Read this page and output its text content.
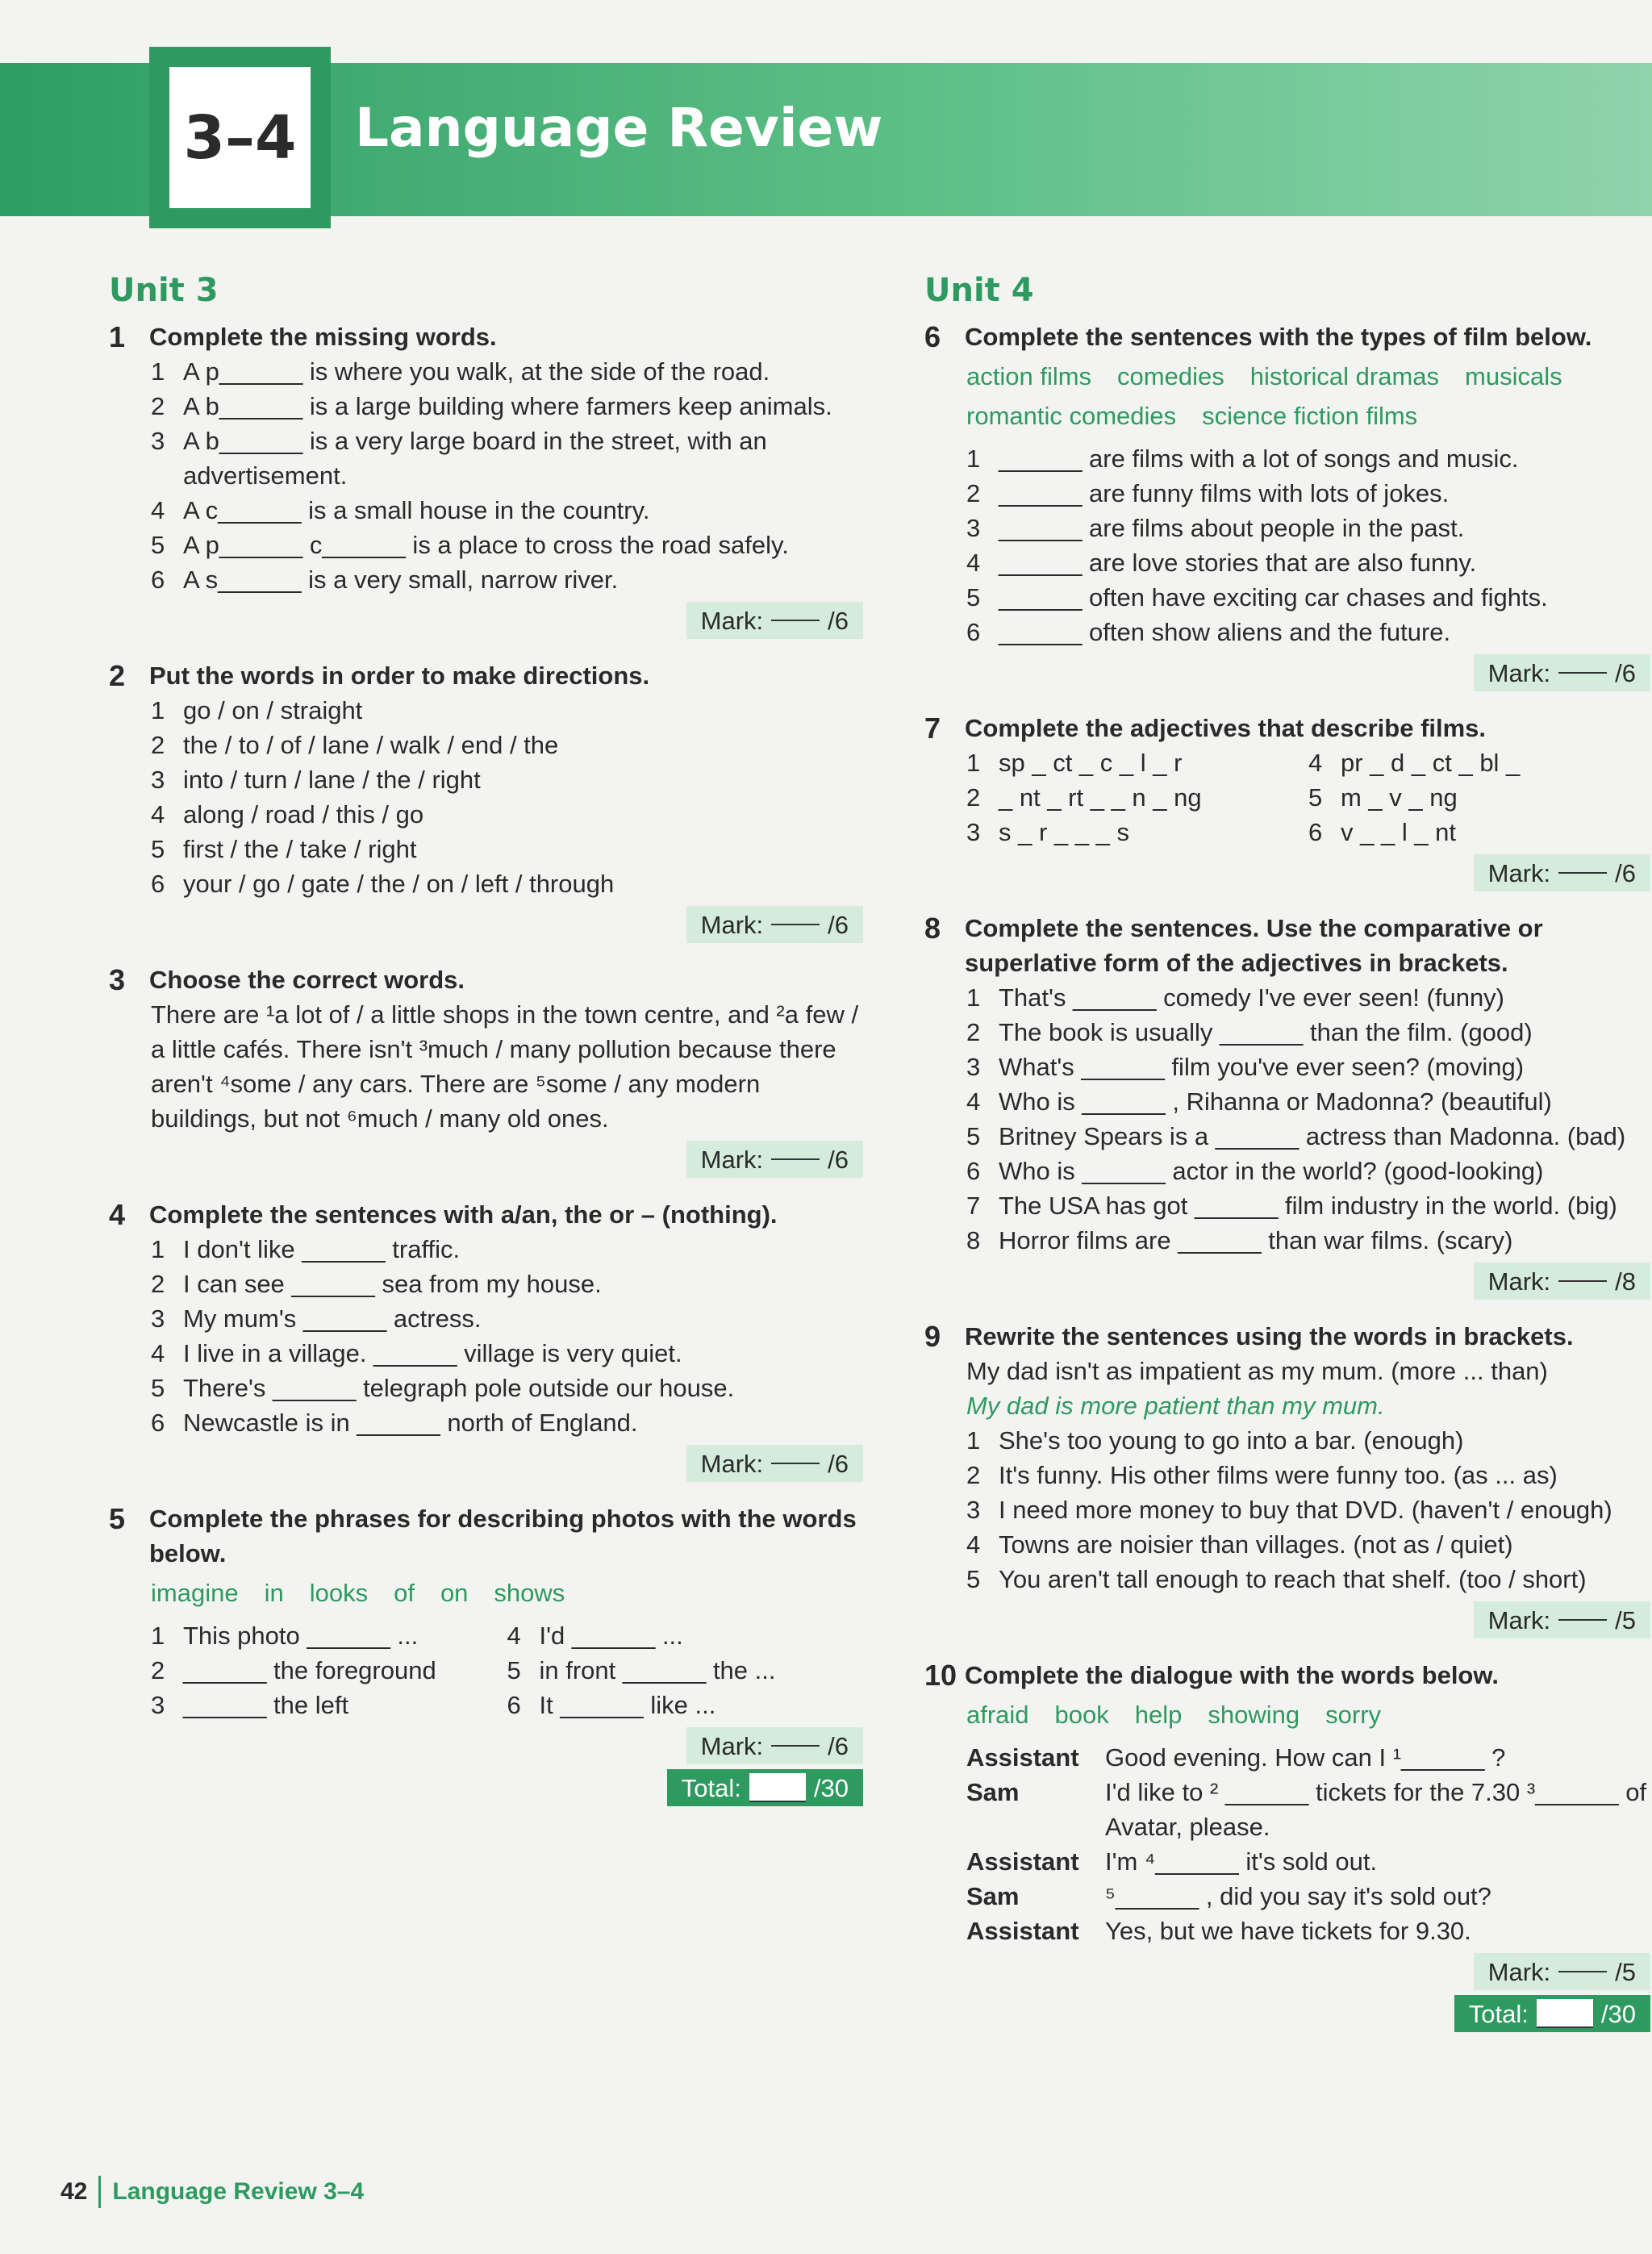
3–4 Language Review
Unit 3
1 Complete the missing words.
1 A p______ is where you walk, at the side of the road.
2 A b______ is a large building where farmers keep animals.
3 A b______ is a very large board in the street, with an advertisement.
4 A c______ is a small house in the country.
5 A p______ c______ is a place to cross the road safely.
6 A s______ is a very small, narrow river.
Mark:	/6
2 Put the words in order to make directions.
1 go / on / straight
2 the / to / of / lane / walk / end / the
3 into / turn / lane / the / right
4 along / road / this / go
5 first / the / take / right
6 your / go / gate / the / on / left / through
Mark:	/6
3 Choose the correct words.
There are ¹a lot of / a little shops in the town centre, and ²a few / a little cafés. There isn't ³much / many pollution because there aren't ⁴some / any cars. There are ⁵some / any modern buildings, but not ⁶much / many old ones.
Mark:	/6
4 Complete the sentences with a/an, the or – (nothing).
1 I don't like ______ traffic.
2 I can see ______ sea from my house.
3 My mum's ______ actress.
4 I live in a village. ______ village is very quiet.
5 There's ______ telegraph pole outside our house.
6 Newcastle is in ______ north of England.
Mark:	/6
5 Complete the phrases for describing photos with the words below.
imagine in looks of on shows
1 This photo ______ ...	4 I'd ______ ...
2 ______ the foreground	5 in front ______ the ...
3 ______ the left	6 It ______ like ...
Mark:	/6
Total:	/30
Unit 4
6 Complete the sentences with the types of film below.
action films comedies historical dramas musicals
romantic comedies science fiction films
1 ______ are films with a lot of songs and music.
2 ______ are funny films with lots of jokes.
3 ______ are films about people in the past.
4 ______ are love stories that are also funny.
5 ______ often have exciting car chases and fights.
6 ______ often show aliens and the future.
Mark:	/6
7 Complete the adjectives that describe films.
1 sp _ ct _ c _ l _ r	4 pr _ d _ ct _ bl _
2 _ nt _ rt _ _ n _ ng	5 m _ v _ ng
3 s _ r _ _ _ s	6 v _ _ l _ nt
Mark:	/6
8 Complete the sentences. Use the comparative or superlative form of the adjectives in brackets.
1 That's ______ comedy I've ever seen! (funny)
2 The book is usually ______ than the film. (good)
3 What's ______ film you've ever seen? (moving)
4 Who is ______ , Rihanna or Madonna? (beautiful)
5 Britney Spears is a ______ actress than Madonna. (bad)
6 Who is ______ actor in the world? (good-looking)
7 The USA has got ______ film industry in the world. (big)
8 Horror films are ______ than war films. (scary)
Mark:	/8
9 Rewrite the sentences using the words in brackets.
My dad isn't as impatient as my mum. (more ... than)
My dad is more patient than my mum.
1 She's too young to go into a bar. (enough)
2 It's funny. His other films were funny too. (as ... as)
3 I need more money to buy that DVD. (haven't / enough)
4 Towns are noisier than villages. (not as / quiet)
5 You aren't tall enough to reach that shelf. (too / short)
Mark:	/5
10 Complete the dialogue with the words below.
afraid book help showing sorry
Assistant	Good evening. How can I ¹______ ?
Sam	I'd like to ² ______ tickets for the 7.30 ³______ of Avatar, please.
Assistant	I'm ⁴______ it's sold out.
Sam	⁵______ , did you say it's sold out?
Assistant	Yes, but we have tickets for 9.30.
Mark:	/5
Total:	/30
42 Language Review 3–4
